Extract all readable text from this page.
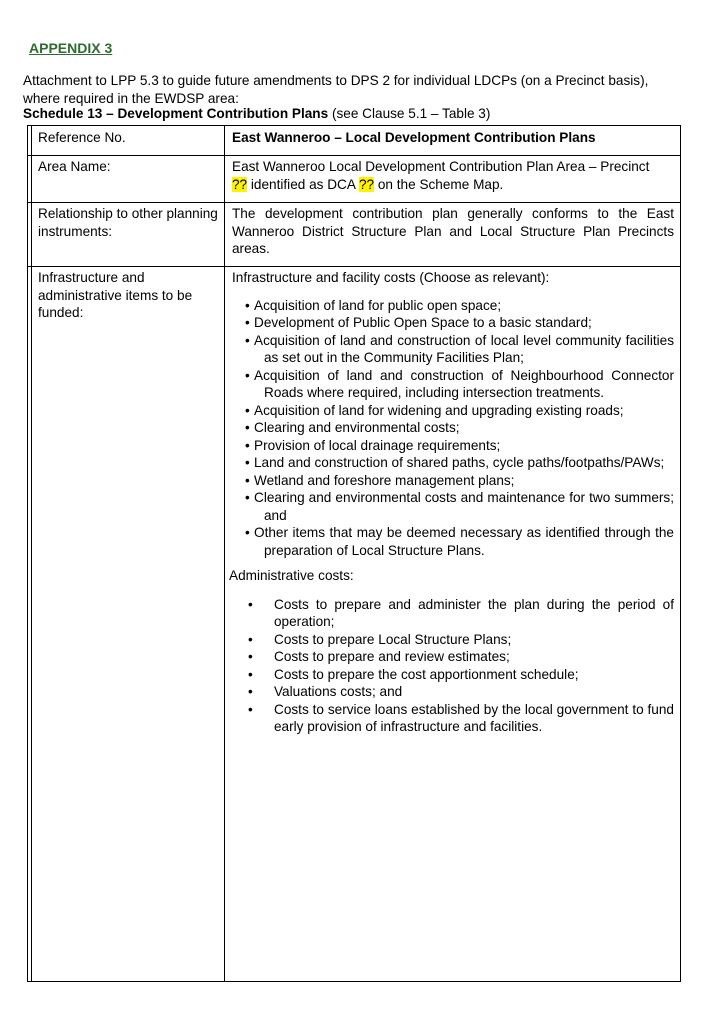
APPENDIX 3

Attachment to LPP 5.3 to guide future amendments to DPS 2 for individual LDCPs (on a Precinct basis),

where required in the EWDSP area:

Schedule 13 – Development Contribution Plans (see Clause 5.1 – Table 3)
Reference No.	East Wanneroo – Local Development Contribution Plans
Area Name:	East Wanneroo Local Development Contribution Plan Area – Precinct
?? identified as DCA ?? on the Scheme Map.
Relationship to other planning instruments:
The development contribution plan generally conforms to the East Wanneroo District Structure Plan and Local Structure Plan Precincts areas.
Infrastructure and administrative items to be funded:
Infrastructure and facility costs (Choose as relevant):
• Acquisition of land for public open space;
• Development of Public Open Space to a basic standard;
• Acquisition of land and construction of local level community facilities as set out in the Community Facilities Plan;
• Acquisition of land and construction of Neighbourhood Connector Roads where required, including intersection treatments.
• Acquisition of land for widening and upgrading existing roads;
• Clearing and environmental costs;
• Provision of local drainage requirements;
• Land and construction of shared paths, cycle paths/footpaths/PAWs;
• Wetland and foreshore management plans;
• Clearing and environmental costs and maintenance for two summers; and
• Other items that may be deemed necessary as identified through the preparation of Local Structure Plans.
Administrative costs:
• Costs to prepare and administer the plan during the period of operation;
• Costs to prepare Local Structure Plans;
• Costs to prepare and review estimates;
• Costs to prepare the cost apportionment schedule;
• Valuations costs; and
• Costs to service loans established by the local government to fund early provision of infrastructure and facilities.
